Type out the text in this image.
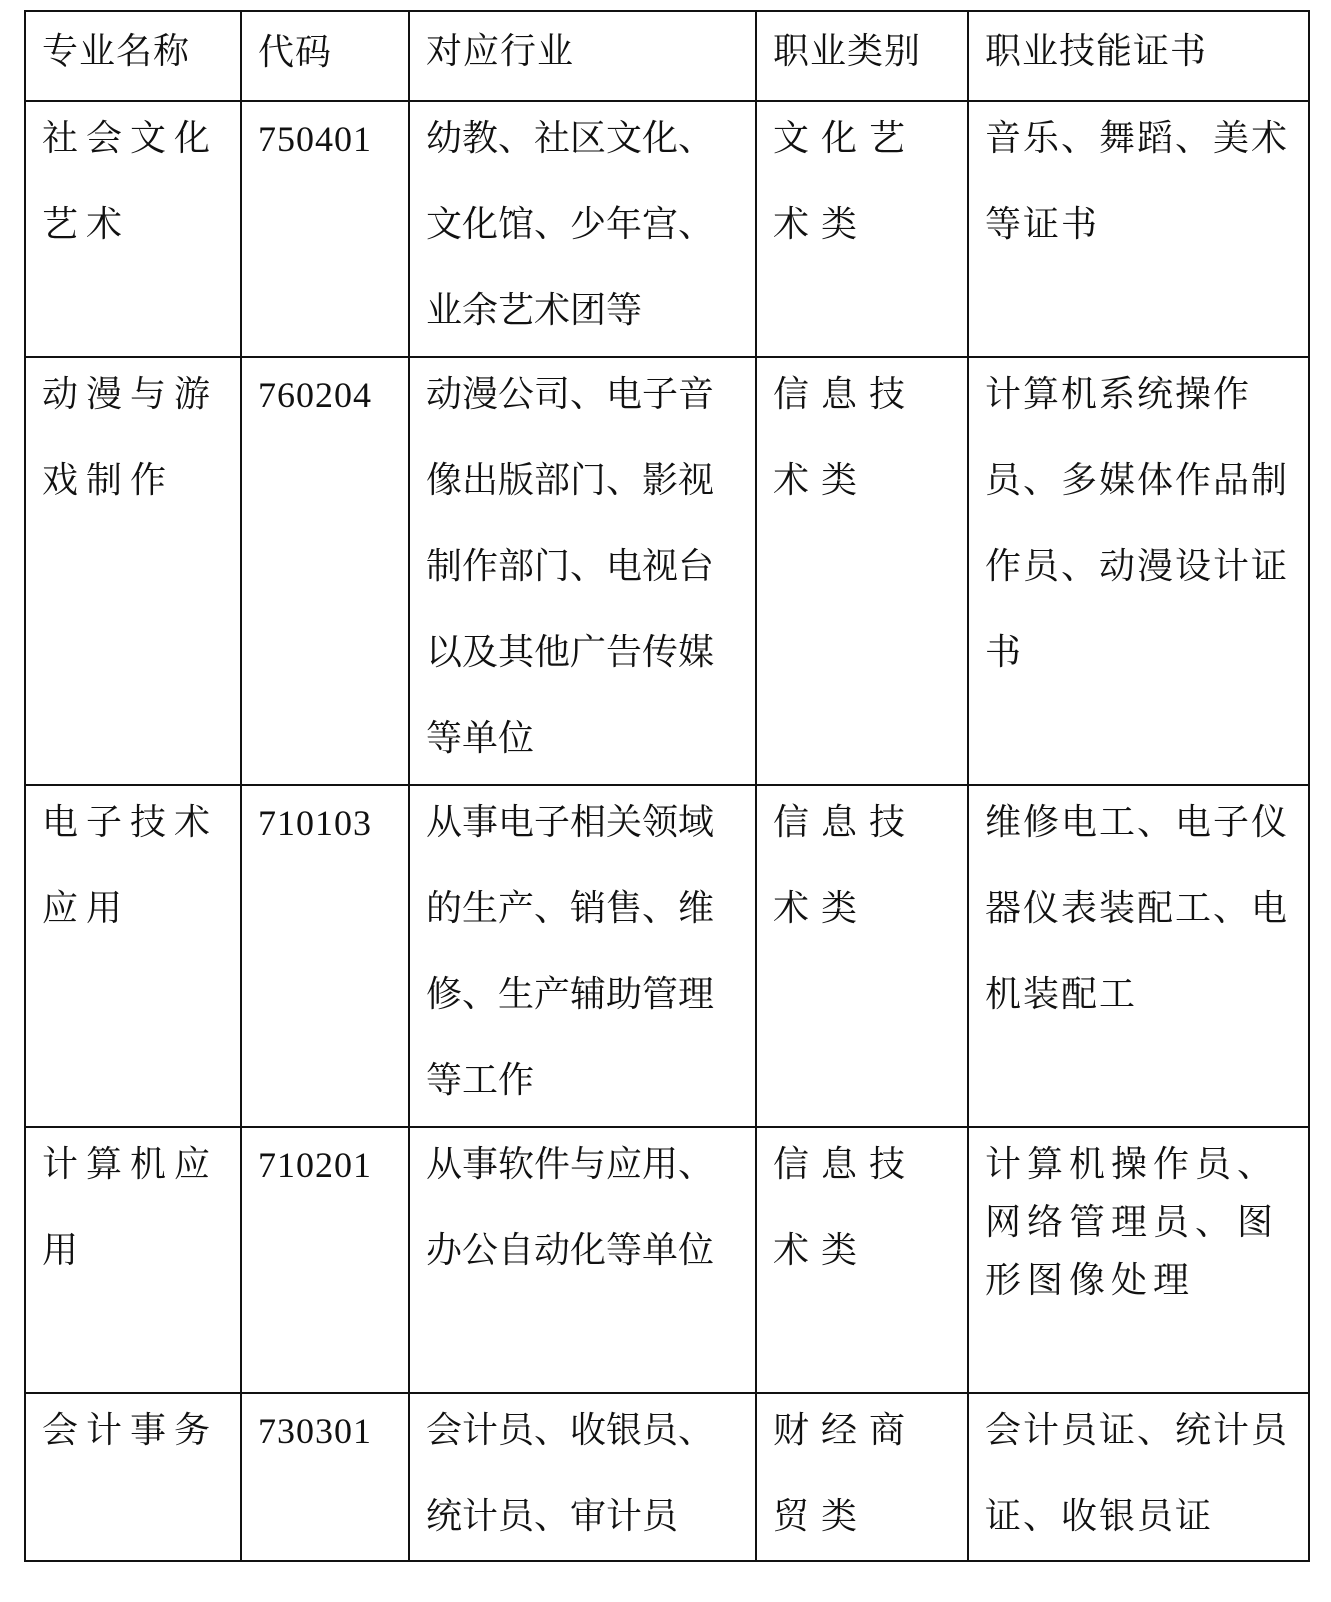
专业名称	代码	对应行业	职业类别	职业技能证书

社会文化艺术	750401	幼教、社区文化、文化馆、少年宫、业余艺术团等	文化艺术类	音乐、舞蹈、美术等证书

动漫与游戏制作	760204	动漫公司、电子音像出版部门、影视制作部门、电视台以及其他广告传媒等单位	信息技术类	计算机系统操作员、多媒体作品制作员、动漫设计证书

电子技术应用	710103	从事电子相关领域的生产、销售、维修、生产辅助管理等工作	信息技术类	维修电工、电子仪器仪表装配工、电机装配工

计算机应用	710201	从事软件与应用、办公自动化等单位	信息技术类	计算机操作员、网络管理员、图形图像处理

会计事务	730301	会计员、收银员、统计员、审计员	财经商贸类	会计员证、统计员证、收银员证
